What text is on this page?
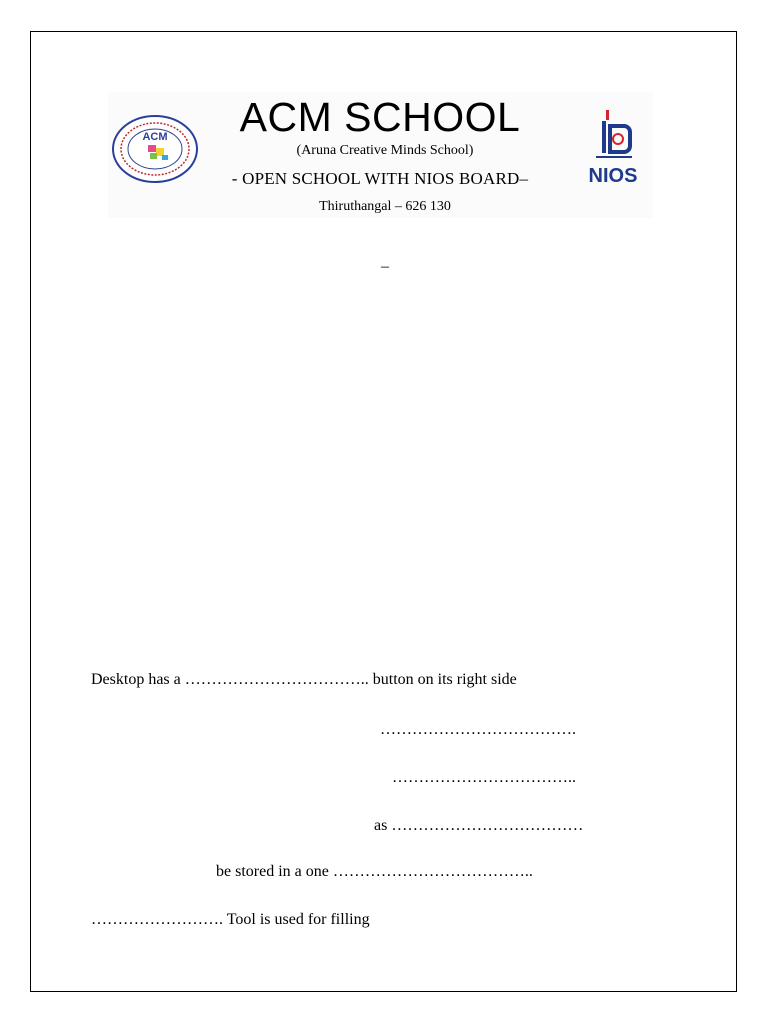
ACM
NIOS
ACM SCHOOL
(Aruna Creative Minds School)
- OPEN SCHOOL WITH NIOS BOARD–
Thiruthangal – 626 130
–
Desktop has a …………………………….. button on its right side
……………………………….
……………………………..
as ………………………………
be stored in a one ………………………………..
……………………. Tool is used for filling
